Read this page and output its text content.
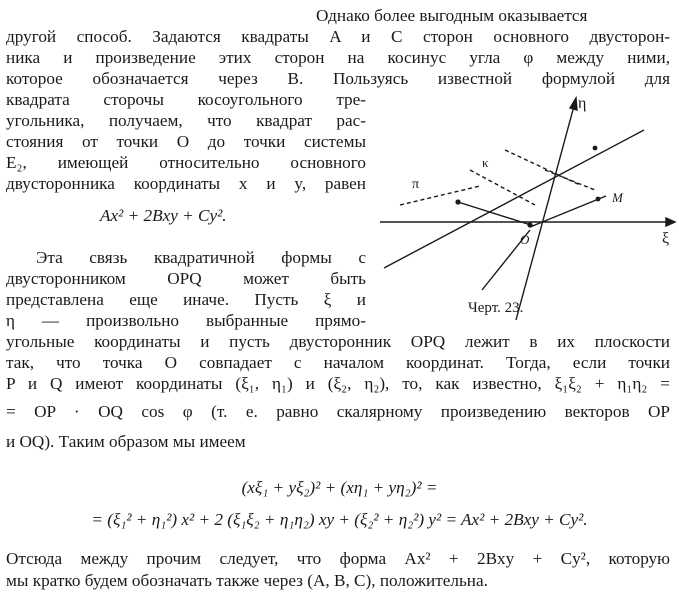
Однако более выгодным оказывается
другой способ. Задаются квадраты A и C сторон основного двусторон-
ника и произведение этих сторон на косинус угла φ между ними,
которое обозначается через B. Пользуясь известной формулой для
квадрата сторочы косоугольного тре-
угольника, получаем, что квадрат рас-
стояния от точки O до точки системы
E₂, имеющей относительно основного
двусторонника координаты x и y, равен
Ax² + 2Bxy + Cy².
Эта связь квадратичной формы с
двусторонником OPQ может быть
представлена еще иначе. Пусть ξ и
η — произвольно выбранные прямо-
угольные координаты и пусть двусторонник OPQ лежит в их плоскости
так, что точка O совпадает с началом координат. Тогда, если точки
P и Q имеют координаты (ξ₁, η₁) и (ξ₂, η₂), то, как известно, ξ₁ξ₂ + η₁η₂ =
= OP · OQ cos φ (т. е. равно скалярному произведению векторов OP
и OQ). Таким образом мы имеем
(xξ₁ + yξ₂)² + (xη₁ + yη₂)² =
= (ξ₁² + η₁²) x² + 2 (ξ₁ξ₂ + η₁η₂) xy + (ξ₂² + η₂²) y² = Ax² + 2Bxy + Cy².
Отсюда между прочим следует, что форма Ax² + 2Bxy + Cy², которую
мы кратко будем обозначать также через (A, B, C), положительна.
η
ξ
κ
π
M
O
Черт. 23.
